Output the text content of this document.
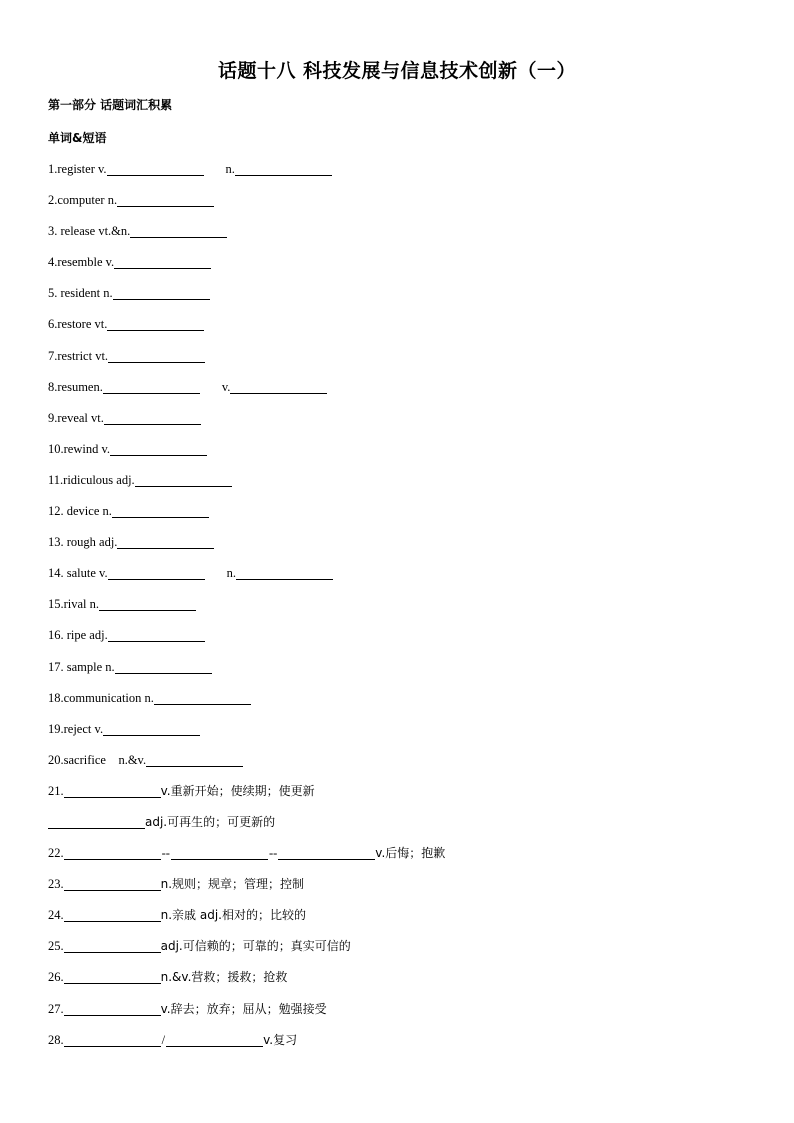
话题十八 科技发展与信息技术创新（一）
第一部分 话题词汇积累
单词&短语
1.register v.	n.
2.computer n.
3. release vt.&n.
4.resemble v.
5. resident n.
6.restore vt.
7.restrict vt.
8.resumen.	v.
9.reveal vt.
10.rewind v.
11.ridiculous adj.
12. device n.
13. rough adj.
14. salute v.	n.
15.rival n.
16. ripe adj.
17. sample n.
18.communication n.
19.reject v.
20.sacrifice    n.&v.
21.	v.重新开始；使续期；使更新
adj.可再生的；可更新的
22.	--	--	v.后悔；抱歉
23.	n.规则；规章；管理；控制
24.	n.亲戚 adj.相对的；比较的
25.	adj.可信赖的；可靠的；真实可信的
26.	n.&v.营救；援救；抢救
27.	v.辞去；放弃；屈从；勉强接受
28.	/	v.复习
